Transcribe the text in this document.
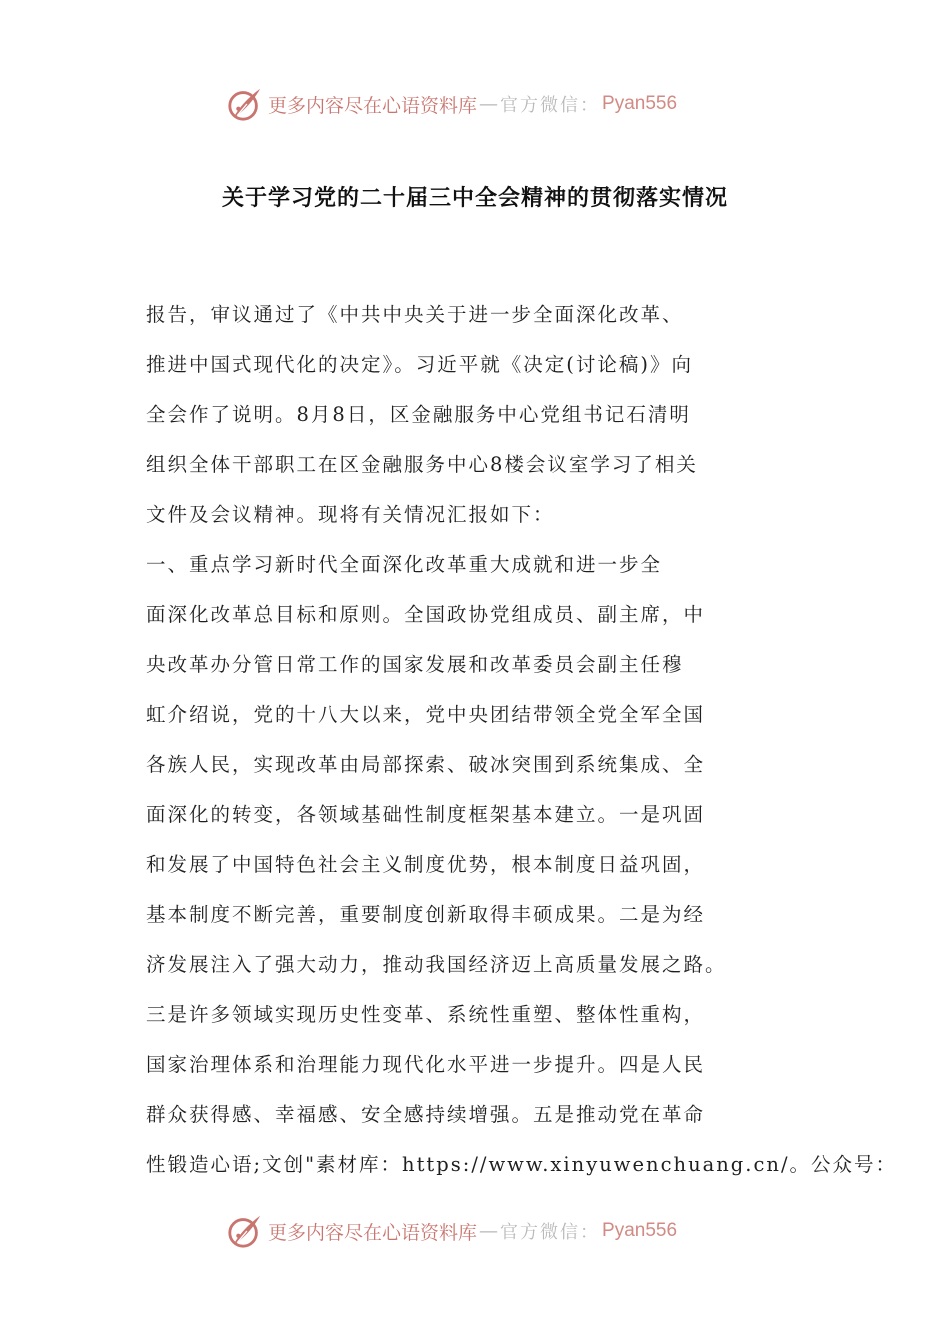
更多内容尽在心语资料库 — 官方微信： Pyan556
关于学习党的二十届三中全会精神的贯彻落实情况
报告，审议通过了《中共中央关于进一步全面深化改革、
推进中国式现代化的决定》。习近平就《决定(讨论稿)》向
全会作了说明。8月8日，区金融服务中心党组书记石清明
组织全体干部职工在区金融服务中心8楼会议室学习了相关
文件及会议精神。现将有关情况汇报如下：
一、重点学习新时代全面深化改革重大成就和进一步全
面深化改革总目标和原则。全国政协党组成员、副主席，中
央改革办分管日常工作的国家发展和改革委员会副主任穆
虹介绍说，党的十八大以来，党中央团结带领全党全军全国
各族人民，实现改革由局部探索、破冰突围到系统集成、全
面深化的转变，各领域基础性制度框架基本建立。一是巩固
和发展了中国特色社会主义制度优势，根本制度日益巩固，
基本制度不断完善，重要制度创新取得丰硕成果。二是为经
济发展注入了强大动力，推动我国经济迈上高质量发展之路。
三是许多领域实现历史性变革、系统性重塑、整体性重构，
国家治理体系和治理能力现代化水平进一步提升。四是人民
群众获得感、幸福感、安全感持续增强。五是推动党在革命
性锻造心语;文创"素材库：https://www.xinyuwenchuang.cn/。公众号：
更多内容尽在心语资料库 — 官方微信： Pyan556
